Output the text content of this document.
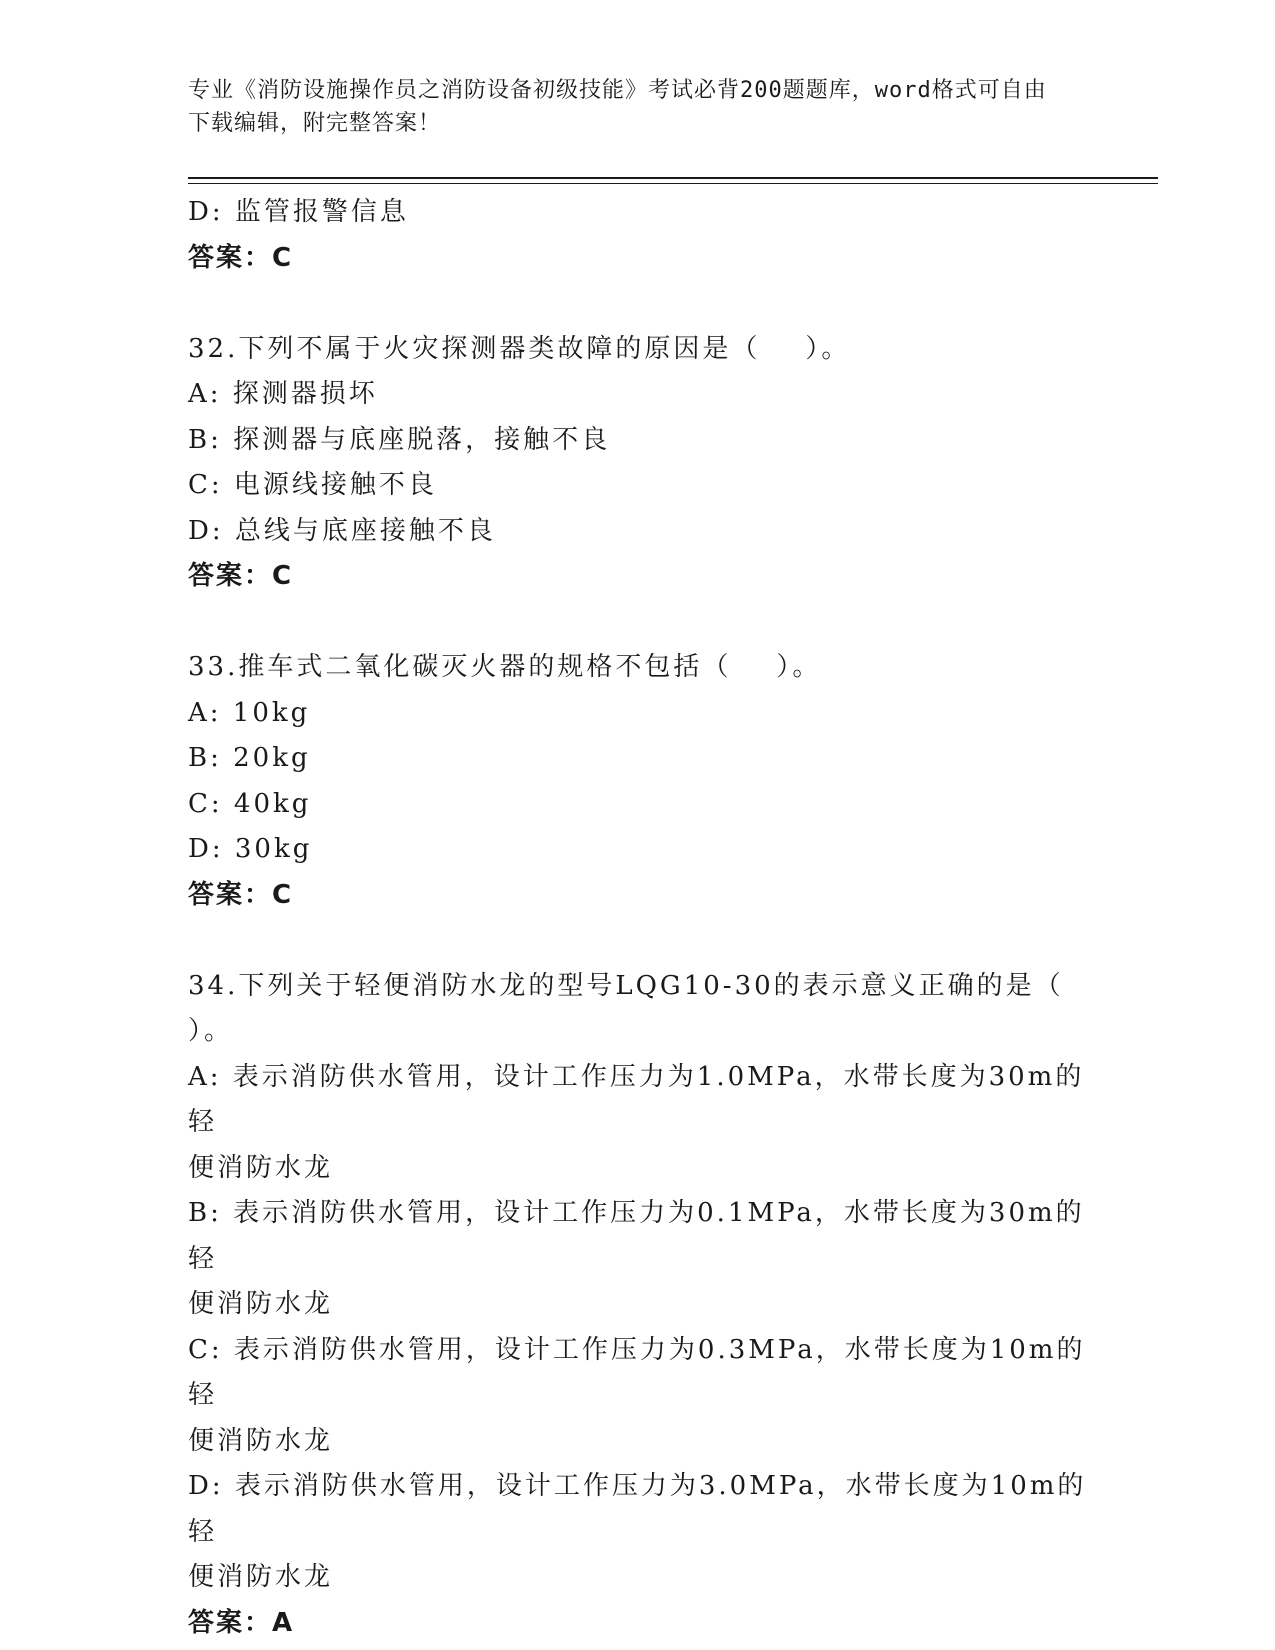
专业《消防设施操作员之消防设备初级技能》考试必背200题题库，word格式可自由下载编辑，附完整答案！
D: 监管报警信息
答案：C
32.下列不属于火灾探测器类故障的原因是（    ）。
A: 探测器损坏
B: 探测器与底座脱落，接触不良
C: 电源线接触不良
D: 总线与底座接触不良
答案：C
33.推车式二氧化碳灭火器的规格不包括（    ）。
A: 10kg
B: 20kg
C: 40kg
D: 30kg
答案：C
34.下列关于轻便消防水龙的型号LQG10-30的表示意义正确的是（
）。
A: 表示消防供水管用，设计工作压力为1.0MPa，水带长度为30m的轻
便消防水龙
B: 表示消防供水管用，设计工作压力为0.1MPa，水带长度为30m的轻
便消防水龙
C: 表示消防供水管用，设计工作压力为0.3MPa，水带长度为10m的轻
便消防水龙
D: 表示消防供水管用，设计工作压力为3.0MPa，水带长度为10m的轻
便消防水龙
答案：A
